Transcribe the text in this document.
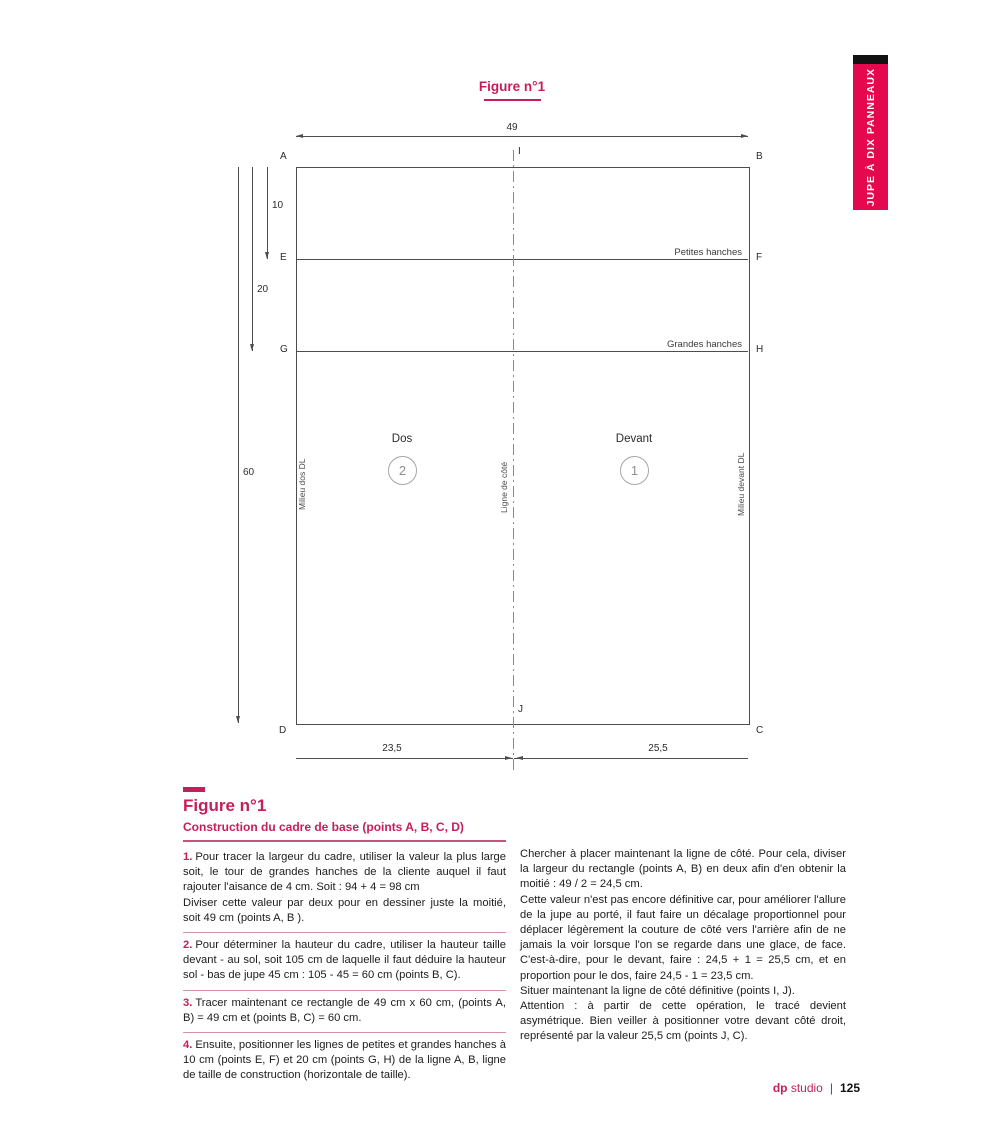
JUPE À DIX PANNEAUX
Figure n°1
49
A	B
I
E	F
G	H
D	C
J
Petites hanches
Grandes hanches
Dos
2
Devant
1
Milieu dos DL	Ligne de côté	Milieu devant DL
10
20
60
23,5	25,5
Figure n°1
Construction du cadre de base (points A, B, C, D)
1. Pour tracer la largeur du cadre, utiliser la valeur la plus large soit, le tour de grandes hanches de la cliente auquel il faut rajouter l'aisance de 4 cm. Soit : 94 + 4 = 98 cm
Diviser cette valeur par deux pour en dessiner juste la moitié, soit 49 cm (points A, B ).
2. Pour déterminer la hauteur du cadre, utiliser la hauteur taille devant - au sol, soit 105 cm de laquelle il faut déduire la hauteur sol - bas de jupe 45 cm : 105 - 45 = 60 cm (points B, C).
3. Tracer maintenant ce rectangle de 49 cm x 60 cm, (points A, B) = 49 cm et (points B, C) = 60 cm.
4. Ensuite, positionner les lignes de petites et grandes hanches à 10 cm (points E, F) et 20 cm (points G, H) de la ligne A, B, ligne de taille de construction (horizontale de taille).
Chercher à placer maintenant la ligne de côté. Pour cela, diviser la largeur du rectangle (points A, B) en deux afin d'en obtenir la moitié : 49 / 2 = 24,5 cm.
Cette valeur n'est pas encore définitive car, pour améliorer l'allure de la jupe au porté, il faut faire un décalage proportionnel pour déplacer légèrement la couture de côté vers l'arrière afin de ne jamais la voir lorsque l'on se regarde dans une glace, de face. C'est-à-dire, pour le devant, faire : 24,5 + 1 = 25,5 cm, et en proportion pour le dos, faire 24,5 - 1 = 23,5 cm.
Situer maintenant la ligne de côté définitive (points I, J).
Attention : à partir de cette opération, le tracé devient asymétrique. Bien veiller à positionner votre devant côté droit, représenté par la valeur 25,5 cm (points J, C).
dp studio | 125
